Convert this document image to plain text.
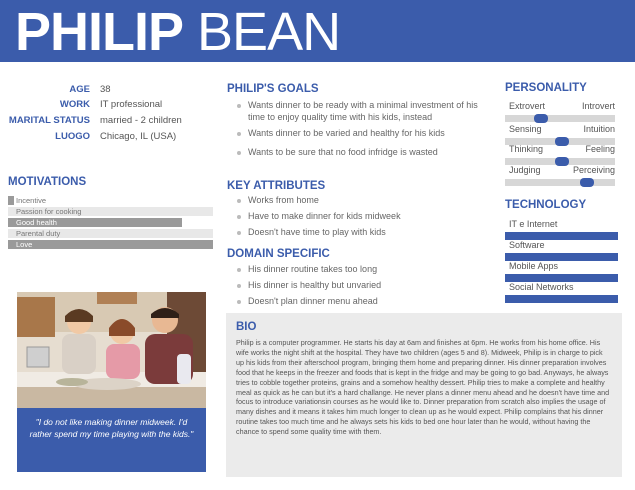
PHILIP BEAN
AGE 38
WORK IT professional
MARITAL STATUS married - 2 children
LUOGO Chicago, IL (USA)
MOTIVATIONS
Incentive
Passion for cooking
Good health
Parental duty
Love
PHILIP'S GOALS
Wants dinner to be ready with a minimal investment of his time to enjoy quality time with his kids, instead
Wants dinner to be varied and healthy for his kids
Wants to be sure that no food infridge is wasted
KEY ATTRIBUTES
Works from home
Have to make dinner for kids midweek
Doesn't have time to play with kids
DOMAIN SPECIFIC
His dinner routine takes too long
His dinner is healthy but unvaried
Doesn't plan dinner menu ahead
PERSONALITY
Extrovert	Introvert
Sensing	Intuition
Thinking	Feeling
Judging	Perceiving
TECHNOLOGY
IT e Internet
Software
Mobile Apps
Social Networks
"I do not like making dinner midweek. I'd rather spend my time playing with the kids."
BIO

Philip is a computer programmer. He starts his day at 6am and finishes at 6pm. He works from his home office. His wife works the night shift at the hospital. They have two children (ages 5 and 8). Midweek, Philip is in charge to pick up his kids from their afterschool program, bringing them home and preparing dinner. His dinner preparation involves food that he keeps in the freezer and foods that is kept in the fridge and may be going to go bad. Anyways, he always tries to cobble together proteins, grains and a somehow healthy dessert. Philip tries to make a complete and healthy meal as quick as he can but it's a hard challange. He never plans a dinner menu ahead and he doesn't have time and focus to introduce variationsin courses as he would like to. Dinner preparation from scratch also implies the usage of many dishes and it means it takes him much longer to clean up as he would expect. Philip complains that his dinner routine takes too much time and he always sets his kids to bed one hour later than he would, without having the chance to spend some quality time with them.
